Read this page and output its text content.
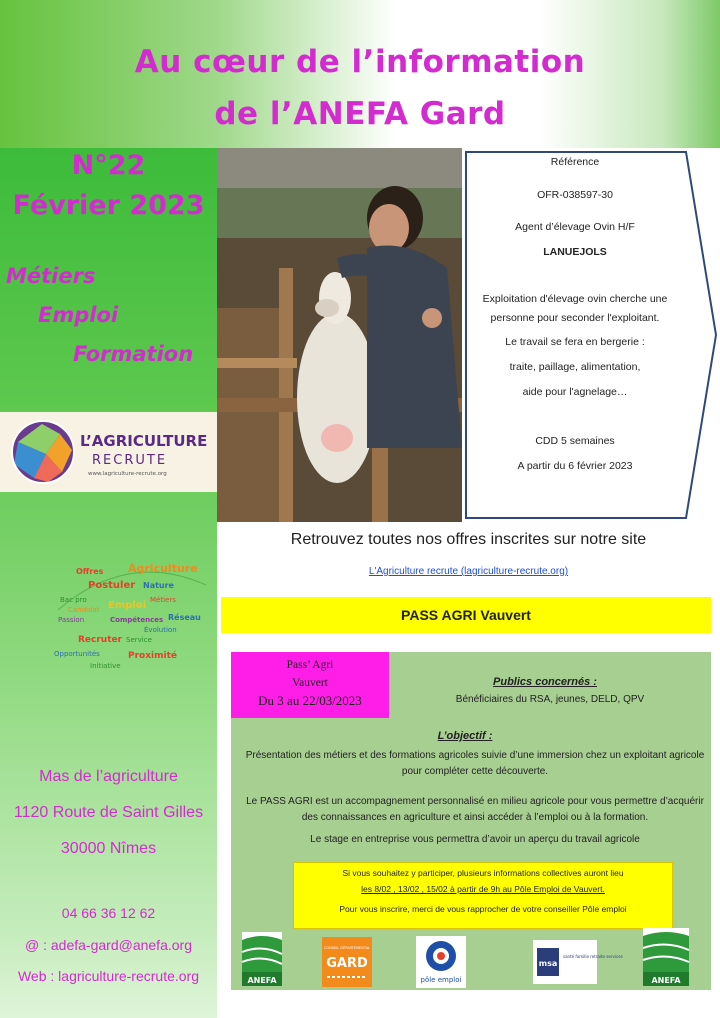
Au cœur de l’information
de l’ANEFA Gard
N°22
Février 2023
Métiers
Emploi
Formation
L’AGRICULTURE
RECRUTE
www.lagriculture-recrute.org
Offres Agriculture
Postuler Nature
Emploi
Compétences
Recruter Service
Proximité
Réseau
Opportunités
Initiative
Bac pro
Passion
Candidat
Métiers
Évolution
Mas de l’agriculture
1120 Route de Saint Gilles
30000 Nîmes
04 66 36 12 62
@ : adefa-gard@anefa.org
Web : lagriculture-recrute.org
Référence
OFR-038597-30
Agent d’élevage Ovin H/F
LANUEJOLS
Exploitation d'élevage ovin cherche une
personne pour seconder l'exploitant.
Le travail se fera en bergerie :
traite, paillage, alimentation,
aide pour l'agnelage…
CDD 5 semaines
A partir du 6 février 2023
Retrouvez toutes nos offres inscrites sur notre site
L'Agriculture recrute (lagriculture-recrute.org)
PASS AGRI Vauvert
Pass’ Agri
Vauvert
Du 3 au 22/03/2023
Publics concernés :
Bénéficiaires du RSA, jeunes, DELD, QPV
L’objectif :
Présentation des métiers et des formations agricoles suivie d’une immersion chez un exploitant agricole pour compléter cette découverte.
Le PASS AGRI est un accompagnement personnalisé en milieu agricole pour vous permettre d’acquérir des connaissances en agriculture et ainsi accéder à l’emploi ou à la formation.
Le stage en entreprise vous permettra d’avoir un aperçu du travail agricole
Si vous souhaitez y participer, plusieurs informations collectives auront lieu
les 8/02 , 13/02 , 15/02 à partir de 9h au Pôle Emploi de Vauvert.
Pour vous inscrire, merci de vous rapprocher de votre conseiller Pôle emploi
ANEFA
CONSEIL DÉPARTEMENTAL
GARD
pôle emploi
msa
santé famille retraite services
ANEFA
